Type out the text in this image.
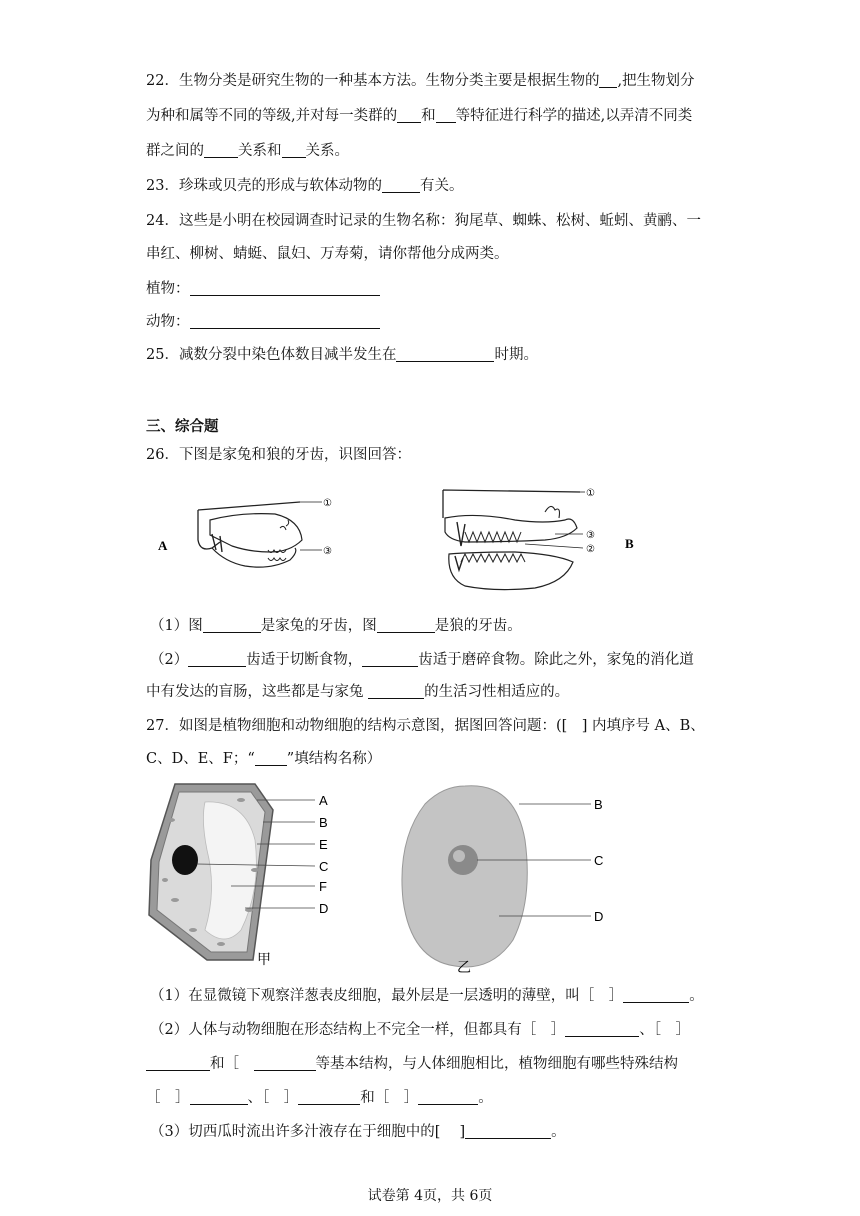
22．生物分类是研究生物的一种基本方法。生物分类主要是根据生物的 ,把生物划分
为种和属等不同的等级,并对每一类群的 和 等特征进行科学的描述,以弄清不同类
群之间的 关系和 关系。
23．珍珠或贝壳的形成与软体动物的	有关。
24．这些是小明在校园调查时记录的生物名称：狗尾草、蜘蛛、松树、蚯蚓、黄鹂、一
串红、柳树、蜻蜓、鼠妇、万寿菊，请你帮他分成两类。
植物：
动物：
25．减数分裂中染色体数目减半发生在	时期。
三、综合题
26．下图是家兔和狼的牙齿，识图回答：
A
①
③
①
③
② B
（1）图	是家兔的牙齿，图	是狼的牙齿。
（2）	齿适于切断食物，	齿适于磨碎食物。除此之外，家兔的消化道
中有发达的盲肠，这些都是与家兔	的生活习性相适应的。
27．如图是植物细胞和动物细胞的结构示意图，据图回答问题：([　] 内填序号 A、B、
C、D、E、F；“ ”填结构名称）
A
B
E
C
F
D
甲
B
C
D
乙
（1）在显微镜下观察洋葱表皮细胞，最外层是一层透明的薄壁，叫［　］	。
（2）人体与动物细胞在形态结构上不完全一样，但都具有［　］	、［　］
和［　	等基本结构，与人体细胞相比，植物细胞有哪些特殊结构
［　］	、［　］	和［　］	。
（3）切西瓜时流出许多汁液存在于细胞中的[　 ]	。
试卷第 4页，共 6页
